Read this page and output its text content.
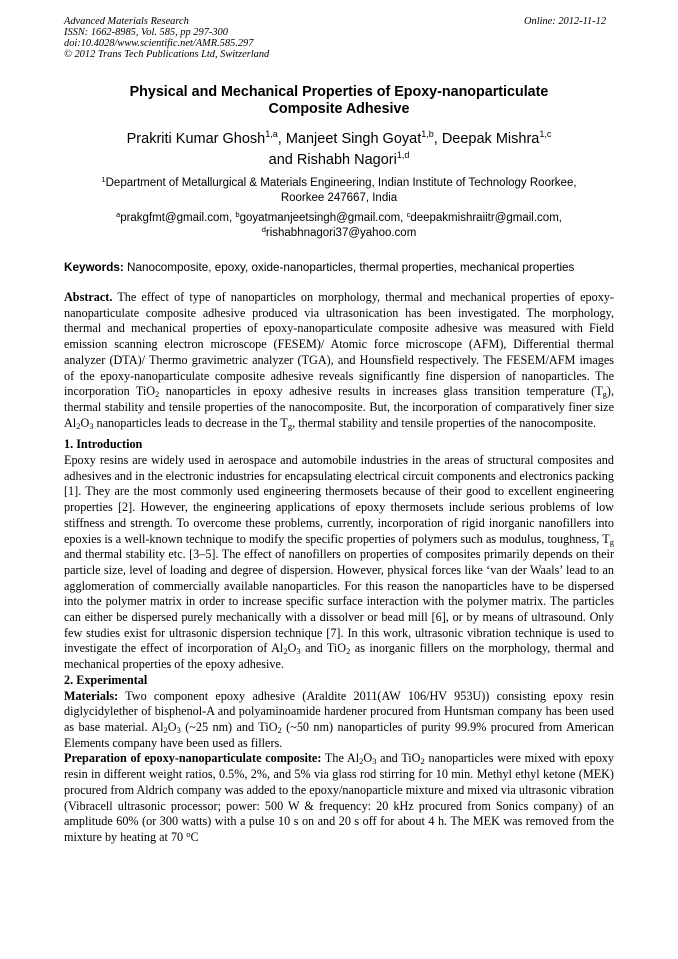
Advanced Materials Research
ISSN: 1662-8985, Vol. 585, pp 297-300
doi:10.4028/www.scientific.net/AMR.585.297
© 2012 Trans Tech Publications Ltd, Switzerland
Online: 2012-11-12
Physical and Mechanical Properties of Epoxy-nanoparticulate
Composite Adhesive
Prakriti Kumar Ghosh$^{1,a}$, Manjeet Singh Goyat$^{1,b}$, Deepak Mishra$^{1,c}$
and Rishabh Nagori$^{1,d}$
$^1$Department of Metallurgical & Materials Engineering, Indian Institute of Technology Roorkee,
Roorkee 247667, India
$^a$prakgfmt@gmail.com, $^b$goyatmanjeetsingh@gmail.com, $^c$deepakmishraiitr@gmail.com,
$^d$rishabhnagori37@yahoo.com
Keywords: Nanocomposite, epoxy, oxide-nanoparticles, thermal properties, mechanical properties

Abstract. The effect of type of nanoparticles on morphology, thermal and mechanical properties of epoxy-nanoparticulate composite adhesive produced via ultrasonication has been investigated. The morphology, thermal and mechanical properties of epoxy-nanoparticulate composite adhesive was measured with Field emission scanning electron microscope (FESEM)/ Atomic force microscope (AFM), Differential thermal analyzer (DTA)/ Thermo gravimetric analyzer (TGA), and Hounsfield respectively. The FESEM/AFM images of the epoxy-nanoparticulate composite adhesive reveals significantly fine dispersion of nanoparticles. The incorporation TiO$_2$ nanoparticles in epoxy adhesive results in increases glass transition temperature $(T_g)$, thermal stability and tensile properties of the nanocomposite. But, the incorporation of comparatively finer size $Al_2O_3$ nanoparticles leads to decrease in the $T_g$, thermal stability and tensile properties of the nanocomposite.

1. Introduction

Epoxy resins are widely used in aerospace and automobile industries in the areas of structural composites and adhesives and in the electronic industries for encapsulating electrical circuit components and electronics packing [1]. They are the most commonly used engineering thermosets because of their good to excellent engineering properties [2]. However, the engineering applications of epoxy thermosets include serious problems of low stiffness and strength. To overcome these problems, currently, incorporation of rigid inorganic nanofillers into epoxies is a well-known technique to modify the specific properties of polymers such as modulus, toughness, $T_g$ and thermal stability etc. [3–5]. The effect of nanofillers on properties of composites primarily depends on their particle size, level of loading and degree of dispersion. However, physical forces like ‘van der Waals’ lead to an agglomeration of commercially available nanoparticles. For this reason the nanoparticles have to be dispersed into the polymer matrix in order to increase specific surface interaction with the polymer matrix. The particles can either be dispersed purely mechanically with a dissolver or bead mill [6], or by means of ultrasound. Only few studies exist for ultrasonic dispersion technique [7]. In this work, ultrasonic vibration technique is used to investigate the effect of incorporation of $Al_2O_3$ and TiO$_2$ as inorganic fillers on the morphology, thermal and mechanical properties of the epoxy adhesive.

2. Experimental

Materials: Two component epoxy adhesive (Araldite 2011(AW 106/HV 953U)) consisting epoxy resin diglycidylether of bisphenol-A and polyaminoamide hardener procured from Huntsman company has been used as base material. $Al_2O_3$ (~25 nm) and TiO$_2$ (~50 nm) nanoparticles of purity 99.9% procured from American Elements company have been used as fillers.

Preparation of epoxy-nanoparticulate composite: The $Al_2O_3$ and TiO$_2$ nanoparticles were mixed with epoxy resin in different weight ratios, 0.5%, 2%, and 5% via glass rod stirring for 10 min. Methyl ethyl ketone (MEK) procured from Aldrich company was added to the epoxy/nanoparticle mixture and mixed via ultrasonic vibration (Vibracell ultrasonic processor; power: 500 W & frequency: 20 kHz procured from Sonics company) of an amplitude 60% (or 300 watts) with a pulse 10 s on and 20 s off for about 4 h. The MEK was removed from the mixture by heating at 70 $^o$C
